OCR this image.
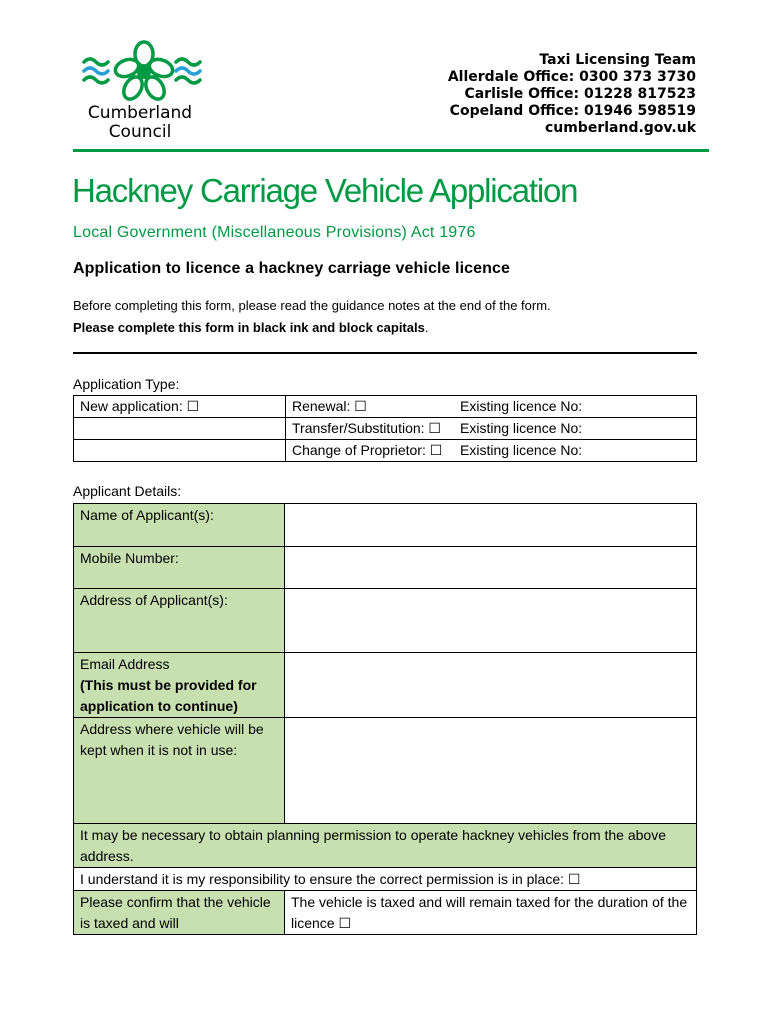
Cumberland
Council
Taxi Licensing Team
Allerdale Office: 0300 373 3730
Carlisle Office: 01228 817523
Copeland Office: 01946 598519
cumberland.gov.uk
Hackney Carriage Vehicle Application
Local Government (Miscellaneous Provisions) Act 1976
Application to licence a hackney carriage vehicle licence
Before completing this form, please read the guidance notes at the end of the form.
Please complete this form in black ink and block capitals.
Application Type:
New application: ☐	Renewal: ☐ Existing licence No:
	Transfer/Substitution: ☐ Existing licence No:
	Change of Proprietor: ☐ Existing licence No:
Applicant Details:
Name of Applicant(s):	
Mobile Number:	
Address of Applicant(s):	

Email Address
(This must be provided for application to continue)	

Address where vehicle will be kept when it is not in use:	
It may be necessary to obtain planning permission to operate hackney vehicles from the above address.	
I understand it is my responsibility to ensure the correct permission is in place: ☐	
Please confirm that the vehicle is taxed and will	The vehicle is taxed and will remain taxed for the duration of the licence ☐
